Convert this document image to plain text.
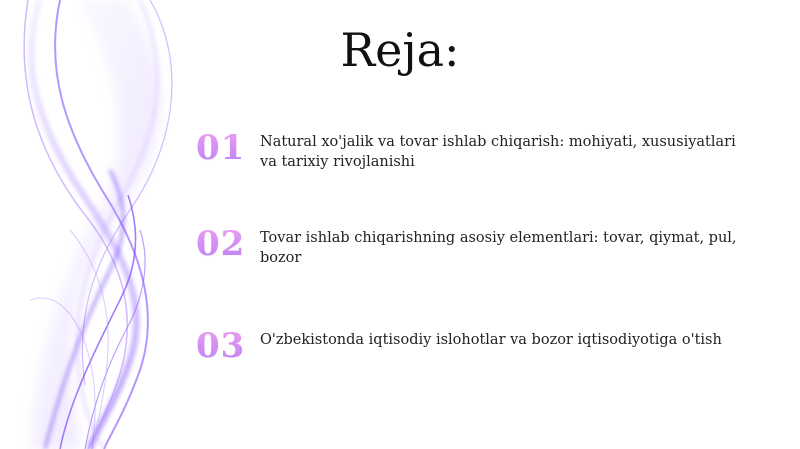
Reja:
01	Natural xo'jalik va tovar ishlab chiqarish: mohiyati, xususiyatlari va tarixiy rivojlanishi
02	Tovar ishlab chiqarishning asosiy elementlari: tovar, qiymat, pul, bozor
03	O'zbekistonda iqtisodiy islohotlar va bozor iqtisodiyotiga o'tish
